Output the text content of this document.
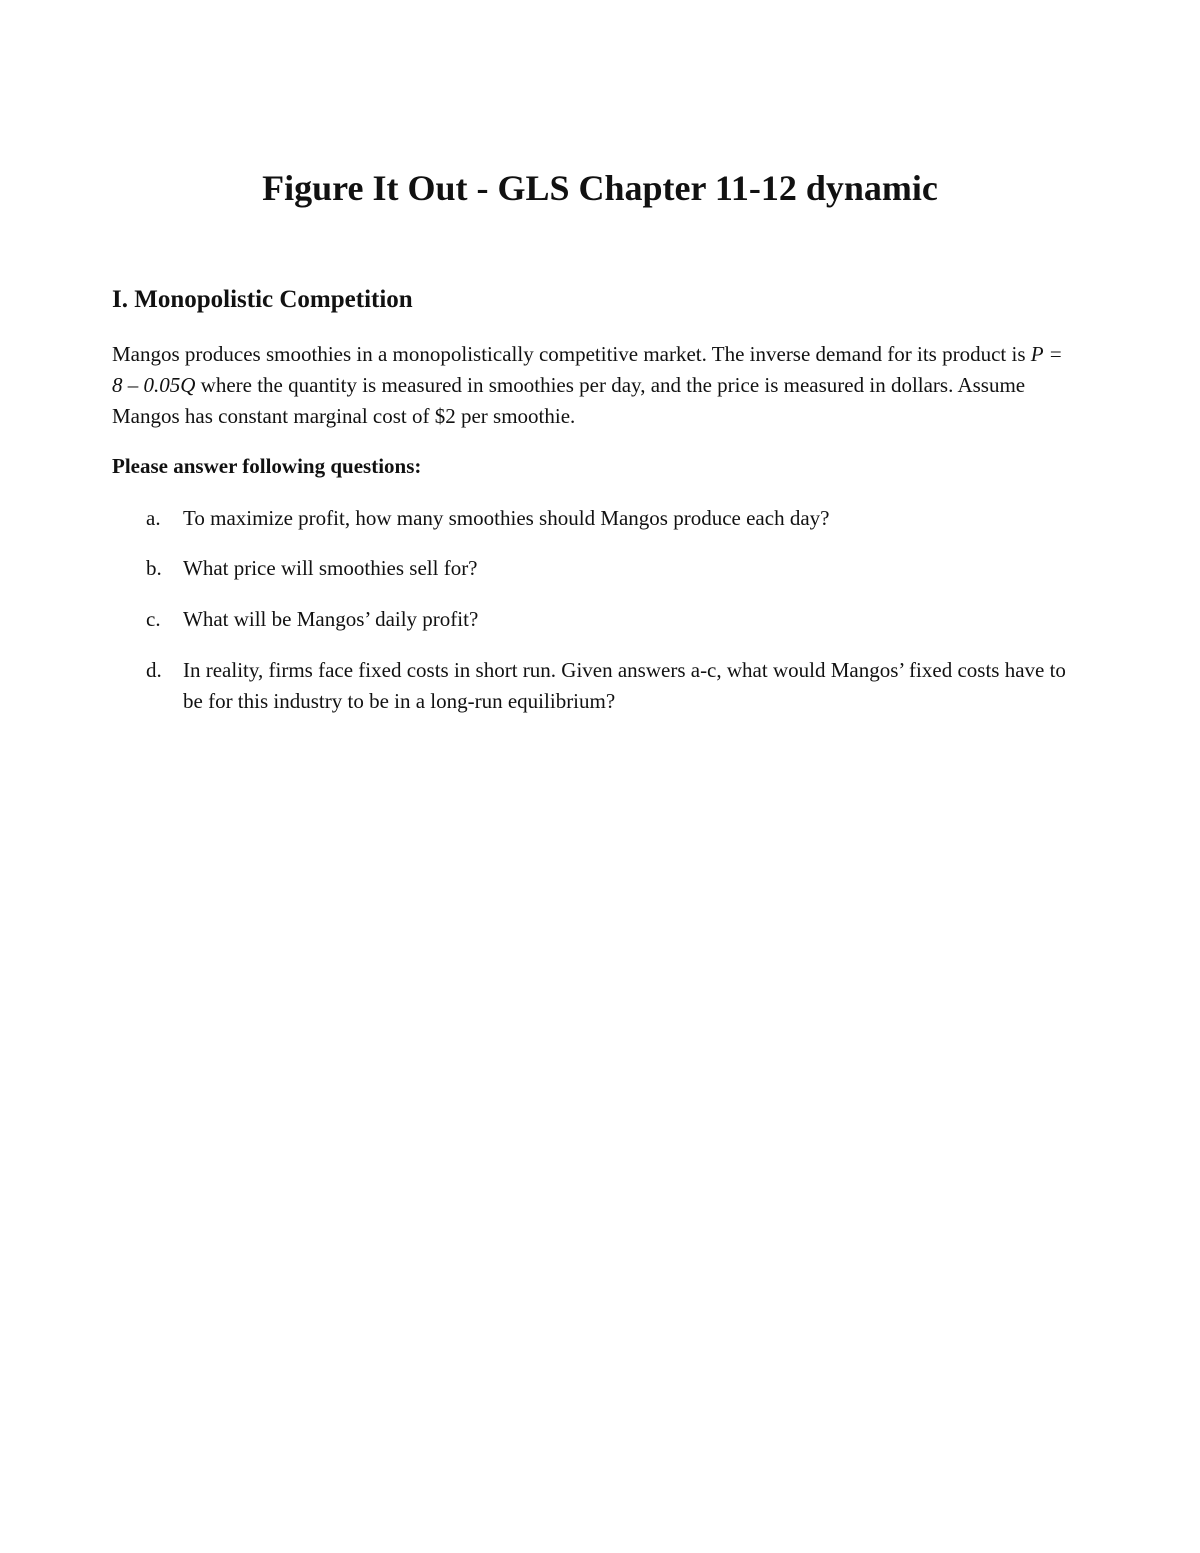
Figure It Out - GLS Chapter 11-12 dynamic
I. Monopolistic Competition

Mangos produces smoothies in a monopolistically competitive market. The inverse demand for its product is P = 8 – 0.05Q where the quantity is measured in smoothies per day, and the price is measured in dollars. Assume Mangos has constant marginal cost of $2 per smoothie.

Please answer following questions:

a.	To maximize profit, how many smoothies should Mangos produce each day?
b.	What price will smoothies sell for?
c.	What will be Mangos’ daily profit?
d.	In reality, firms face fixed costs in short run. Given answers a-c, what would Mangos’ fixed costs have to be for this industry to be in a long-run equilibrium?
